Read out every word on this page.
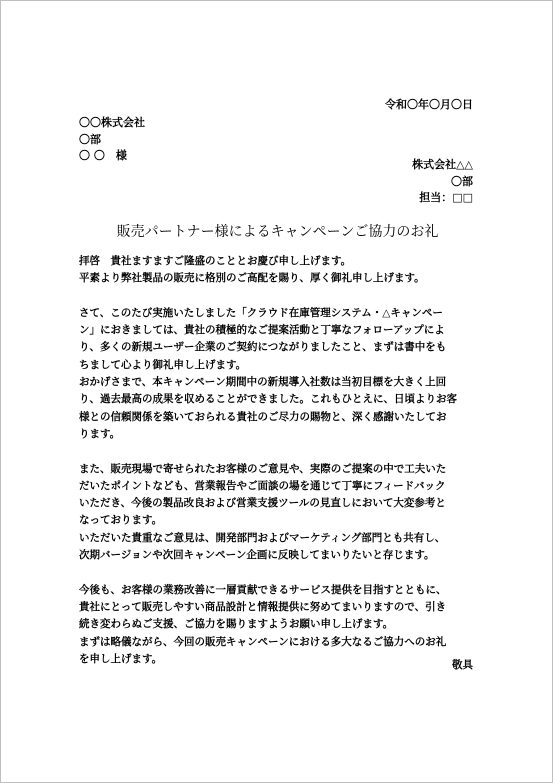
令和〇年〇月〇日
〇〇株式会社
〇部
〇 〇　様
株式会社△△
〇部
担当：□□
販売パートナー様によるキャンペーンご協力のお礼
拝啓　貴社ますますご隆盛のこととお慶び申し上げます。
平素より弊社製品の販売に格別のご高配を賜り、厚く御礼申し上げます。
さて、このたび実施いたしました「クラウド在庫管理システム・△キャンペー
ン」におきましては、貴社の積極的なご提案活動と丁寧なフォローアップによ
り、多くの新規ユーザー企業のご契約につながりましたこと、まずは書中をも
ちまして心より御礼申し上げます。
おかげさまで、本キャンペーン期間中の新規導入社数は当初目標を大きく上回
り、過去最高の成果を収めることができました。これもひとえに、日頃よりお客
様との信頼関係を築いておられる貴社のご尽力の賜物と、深く感謝いたしてお
ります。
また、販売現場で寄せられたお客様のご意見や、実際のご提案の中で工夫いた
だいたポイントなども、営業報告やご面談の場を通じて丁寧にフィードバック
いただき、今後の製品改良および営業支援ツールの見直しにおいて大変参考と
なっております。
いただいた貴重なご意見は、開発部門およびマーケティング部門とも共有し、
次期バージョンや次回キャンペーン企画に反映してまいりたいと存じます。
今後も、お客様の業務改善に一層貢献できるサービス提供を目指すとともに、
貴社にとって販売しやすい商品設計と情報提供に努めてまいりますので、引き
続き変わらぬご支援、ご協力を賜りますようお願い申し上げます。
まずは略儀ながら、今回の販売キャンペーンにおける多大なるご協力へのお礼
を申し上げます。
敬具
